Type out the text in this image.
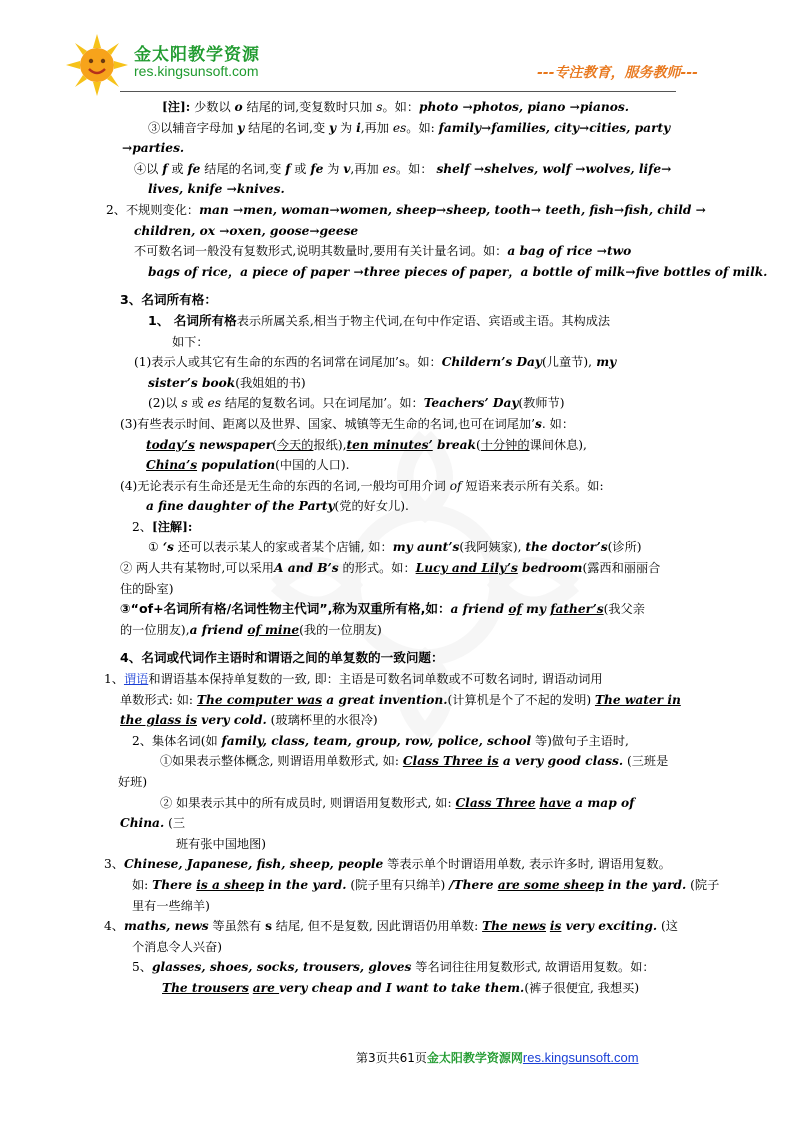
金太阳教学资源
res.kingsunsoft.com	---专注教育，服务教师---
[注]: 少数以 o 结尾的词,变复数时只加 s。如：photo →photos, piano →pianos.
③以辅音字母加 y 结尾的名词,变 y 为 i,再加 es。如: family→families, city→cities, party
→parties.
④以 f 或 fe 结尾的名词,变 f 或 fe 为 v,再加 es。如： shelf →shelves, wolf →wolves, life→
lives, knife →knives.
2、不规则变化：man →men, woman→women, sheep→sheep, tooth→ teeth, fish→fish, child →
children, ox →oxen, goose→geese
不可数名词一般没有复数形式,说明其数量时,要用有关计量名词。如：a bag of rice →two
bags of rice，a piece of paper →three pieces of paper，a bottle of milk→five bottles of milk.
3、名词所有格：
1、 名词所有格表示所属关系,相当于物主代词,在句中作定语、宾语或主语。其构成法
如下：
(1)表示人或其它有生命的东西的名词常在词尾加’s。如：Childern’s Day(儿童节), my
sister’s book(我姐姐的书)
(2)以 s 或 es 结尾的复数名词。只在词尾加’。如：Teachers’ Day(教师节)
(3)有些表示时间、距离以及世界、国家、城镇等无生命的名词,也可在词尾加’s. 如：
today’s newspaper(今天的报纸),ten minutes’ break(十分钟的课间休息),
China’s population(中国的人口).
(4)无论表示有生命还是无生命的东西的名词,一般均可用介词 of 短语来表示所有关系。如:
a fine daughter of the Party(党的好女儿).
2、[注解]:
① ‘s 还可以表示某人的家或者某个店铺, 如：my aunt’s(我阿姨家), the doctor’s(诊所)
② 两人共有某物时,可以采用A and B’s 的形式。如：Lucy and Lily’s bedroom(露西和丽丽合
住的卧室)
③“of+名词所有格/名词性物主代词”,称为双重所有格,如：a friend of my father’s(我父亲
的一位朋友),a friend of mine(我的一位朋友)
4、名词或代词作主语时和谓语之间的单复数的一致问题：
1、谓语和谓语基本保持单复数的一致, 即：主语是可数名词单数或不可数名词时, 谓语动词用
单数形式: 如: The computer was a great invention.(计算机是个了不起的发明) The water in
the glass is very cold. (玻璃杯里的水很冷)
2、集体名词(如 family, class, team, group, row, police, school 等)做句子主语时,
①如果表示整体概念, 则谓语用单数形式, 如: Class Three is a very good class. (三班是
好班)
② 如果表示其中的所有成员时, 则谓语用复数形式, 如: Class Three have a map of
China. (三
班有张中国地图)
3、Chinese, Japanese, fish, sheep, people 等表示单个时谓语用单数, 表示许多时, 谓语用复数。
如: There is a sheep in the yard. (院子里有只绵羊) /There are some sheep in the yard. (院子
里有一些绵羊)
4、maths, news 等虽然有 s 结尾, 但不是复数, 因此谓语仍用单数: The news is very exciting. (这
个消息令人兴奋)
5、glasses, shoes, socks, trousers, gloves 等名词往往用复数形式, 故谓语用复数。如：
The trousers are very cheap and I want to take them.(裤子很便宜, 我想买)
第3页共61页金太阳教学资源网res.kingsunsoft.com
